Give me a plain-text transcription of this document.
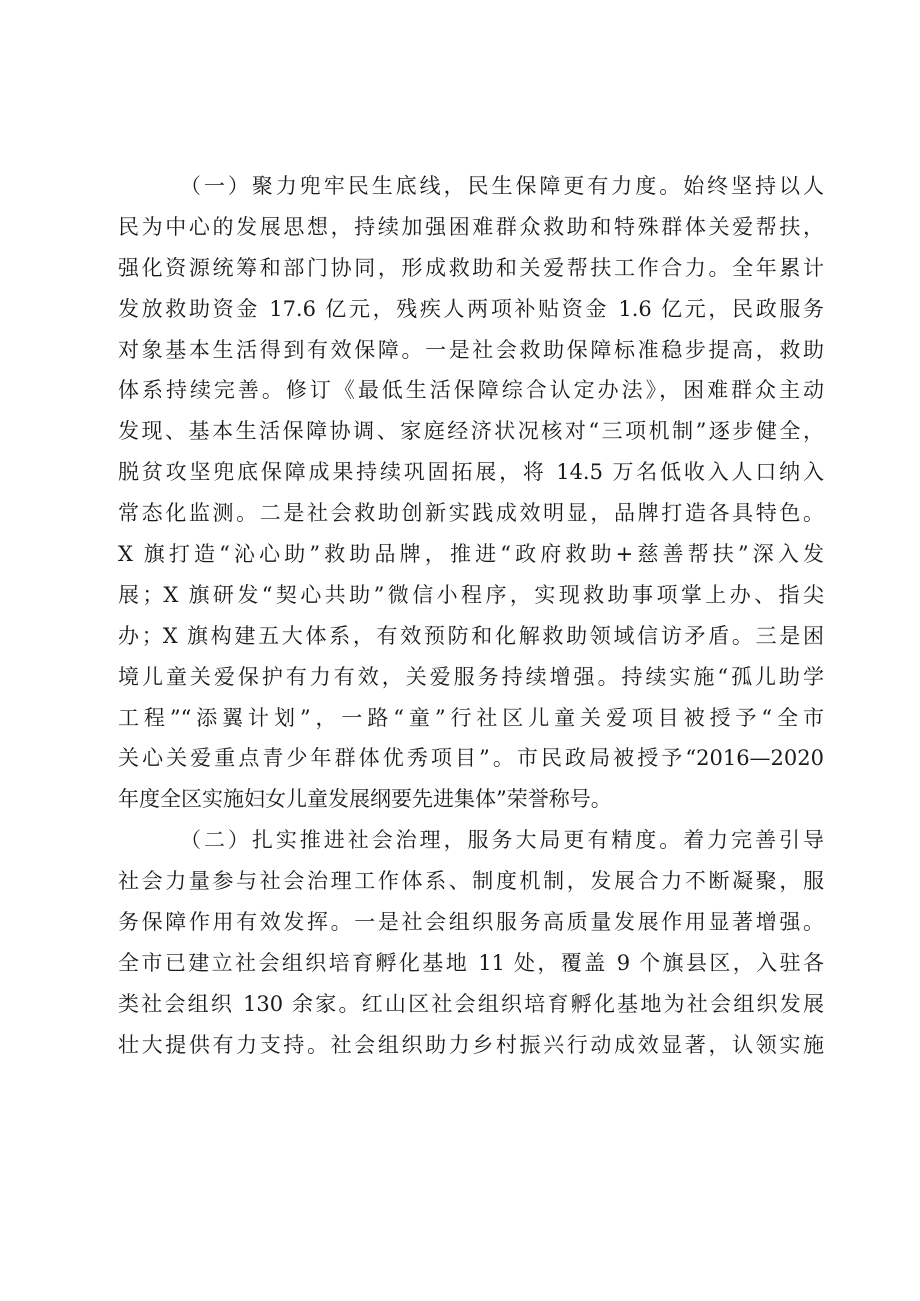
（一）聚力兜牢民生底线，民生保障更有力度。始终坚持以人
民为中心的发展思想，持续加强困难群众救助和特殊群体关爱帮扶，
强化资源统筹和部门协同，形成救助和关爱帮扶工作合力。全年累计
发放救助资金 17.6 亿元，残疾人两项补贴资金 1.6 亿元，民政服务
对象基本生活得到有效保障。一是社会救助保障标准稳步提高，救助
体系持续完善。修订《最低生活保障综合认定办法》，困难群众主动
发现、基本生活保障协调、家庭经济状况核对“三项机制”逐步健全，
脱贫攻坚兜底保障成果持续巩固拓展，将 14.5 万名低收入人口纳入
常态化监测。二是社会救助创新实践成效明显，品牌打造各具特色。
X 旗打造“沁心助”救助品牌，推进“政府救助+慈善帮扶”深入发
展；X 旗研发“契心共助”微信小程序，实现救助事项掌上办、指尖
办；X 旗构建五大体系，有效预防和化解救助领域信访矛盾。三是困
境儿童关爱保护有力有效，关爱服务持续增强。持续实施“孤儿助学
工程”“添翼计划”，一路“童”行社区儿童关爱项目被授予“全市
关心关爱重点青少年群体优秀项目”。市民政局被授予“2016—2020
年度全区实施妇女儿童发展纲要先进集体”荣誉称号。
（二）扎实推进社会治理，服务大局更有精度。着力完善引导
社会力量参与社会治理工作体系、制度机制，发展合力不断凝聚，服
务保障作用有效发挥。一是社会组织服务高质量发展作用显著增强。
全市已建立社会组织培育孵化基地 11 处，覆盖 9 个旗县区，入驻各
类社会组织 130 余家。红山区社会组织培育孵化基地为社会组织发展
壮大提供有力支持。社会组织助力乡村振兴行动成效显著，认领实施
